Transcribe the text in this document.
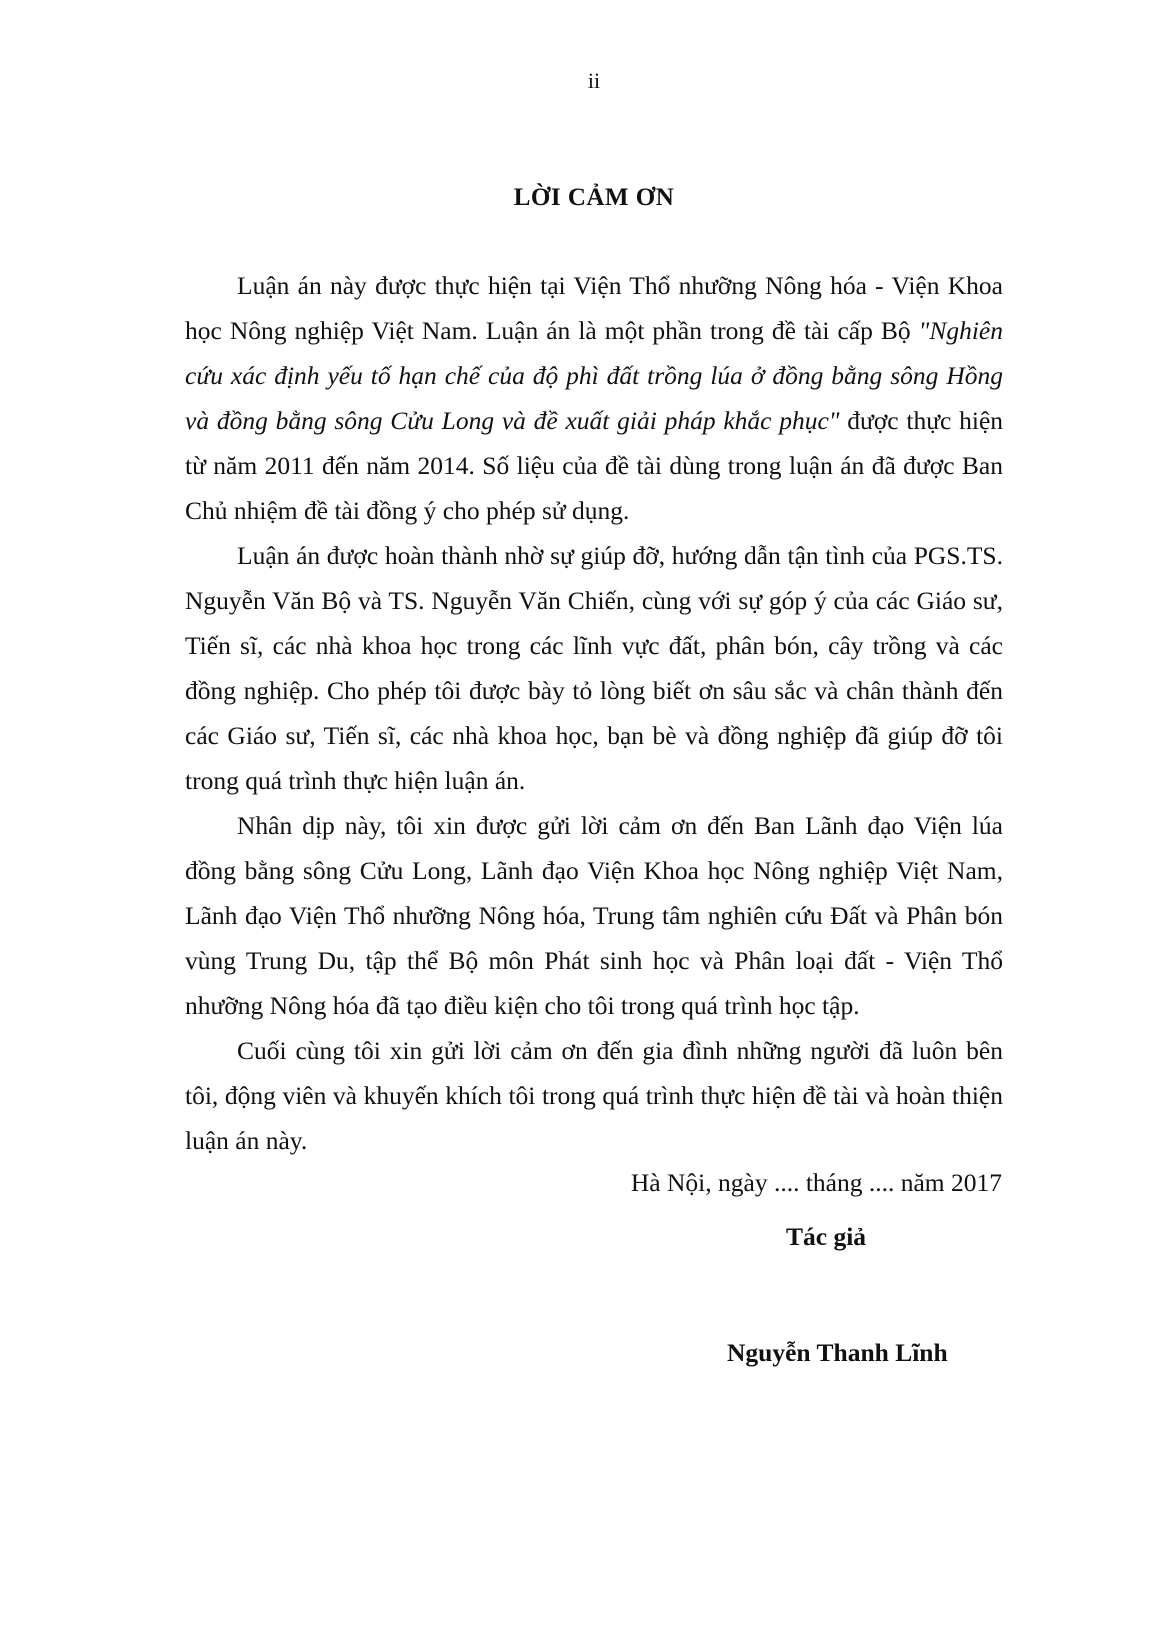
ii
LỜI CẢM ƠN

Luận án này được thực hiện tại Viện Thổ nhưỡng Nông hóa - Viện Khoa học Nông nghiệp Việt Nam. Luận án là một phần trong đề tài cấp Bộ "Nghiên cứu xác định yếu tố hạn chế của độ phì đất trồng lúa ở đồng bằng sông Hồng và đồng bằng sông Cửu Long và đề xuất giải pháp khắc phục" được thực hiện từ năm 2011 đến năm 2014. Số liệu của đề tài dùng trong luận án đã được Ban Chủ nhiệm đề tài đồng ý cho phép sử dụng.

Luận án được hoàn thành nhờ sự giúp đỡ, hướng dẫn tận tình của PGS.TS. Nguyễn Văn Bộ và TS. Nguyễn Văn Chiến, cùng với sự góp ý của các Giáo sư, Tiến sĩ, các nhà khoa học trong các lĩnh vực đất, phân bón, cây trồng và các đồng nghiệp. Cho phép tôi được bày tỏ lòng biết ơn sâu sắc và chân thành đến các Giáo sư, Tiến sĩ, các nhà khoa học, bạn bè và đồng nghiệp đã giúp đỡ tôi trong quá trình thực hiện luận án.

Nhân dịp này, tôi xin được gửi lời cảm ơn đến Ban Lãnh đạo Viện lúa đồng bằng sông Cửu Long, Lãnh đạo Viện Khoa học Nông nghiệp Việt Nam, Lãnh đạo Viện Thổ nhưỡng Nông hóa, Trung tâm nghiên cứu Đất và Phân bón vùng Trung Du, tập thể Bộ môn Phát sinh học và Phân loại đất - Viện Thổ nhưỡng Nông hóa đã tạo điều kiện cho tôi trong quá trình học tập.

Cuối cùng tôi xin gửi lời cảm ơn đến gia đình những người đã luôn bên tôi, động viên và khuyến khích tôi trong quá trình thực hiện đề tài và hoàn thiện luận án này.

Hà Nội, ngày .... tháng .... năm 2017
Tác giả
Nguyễn Thanh Lĩnh
